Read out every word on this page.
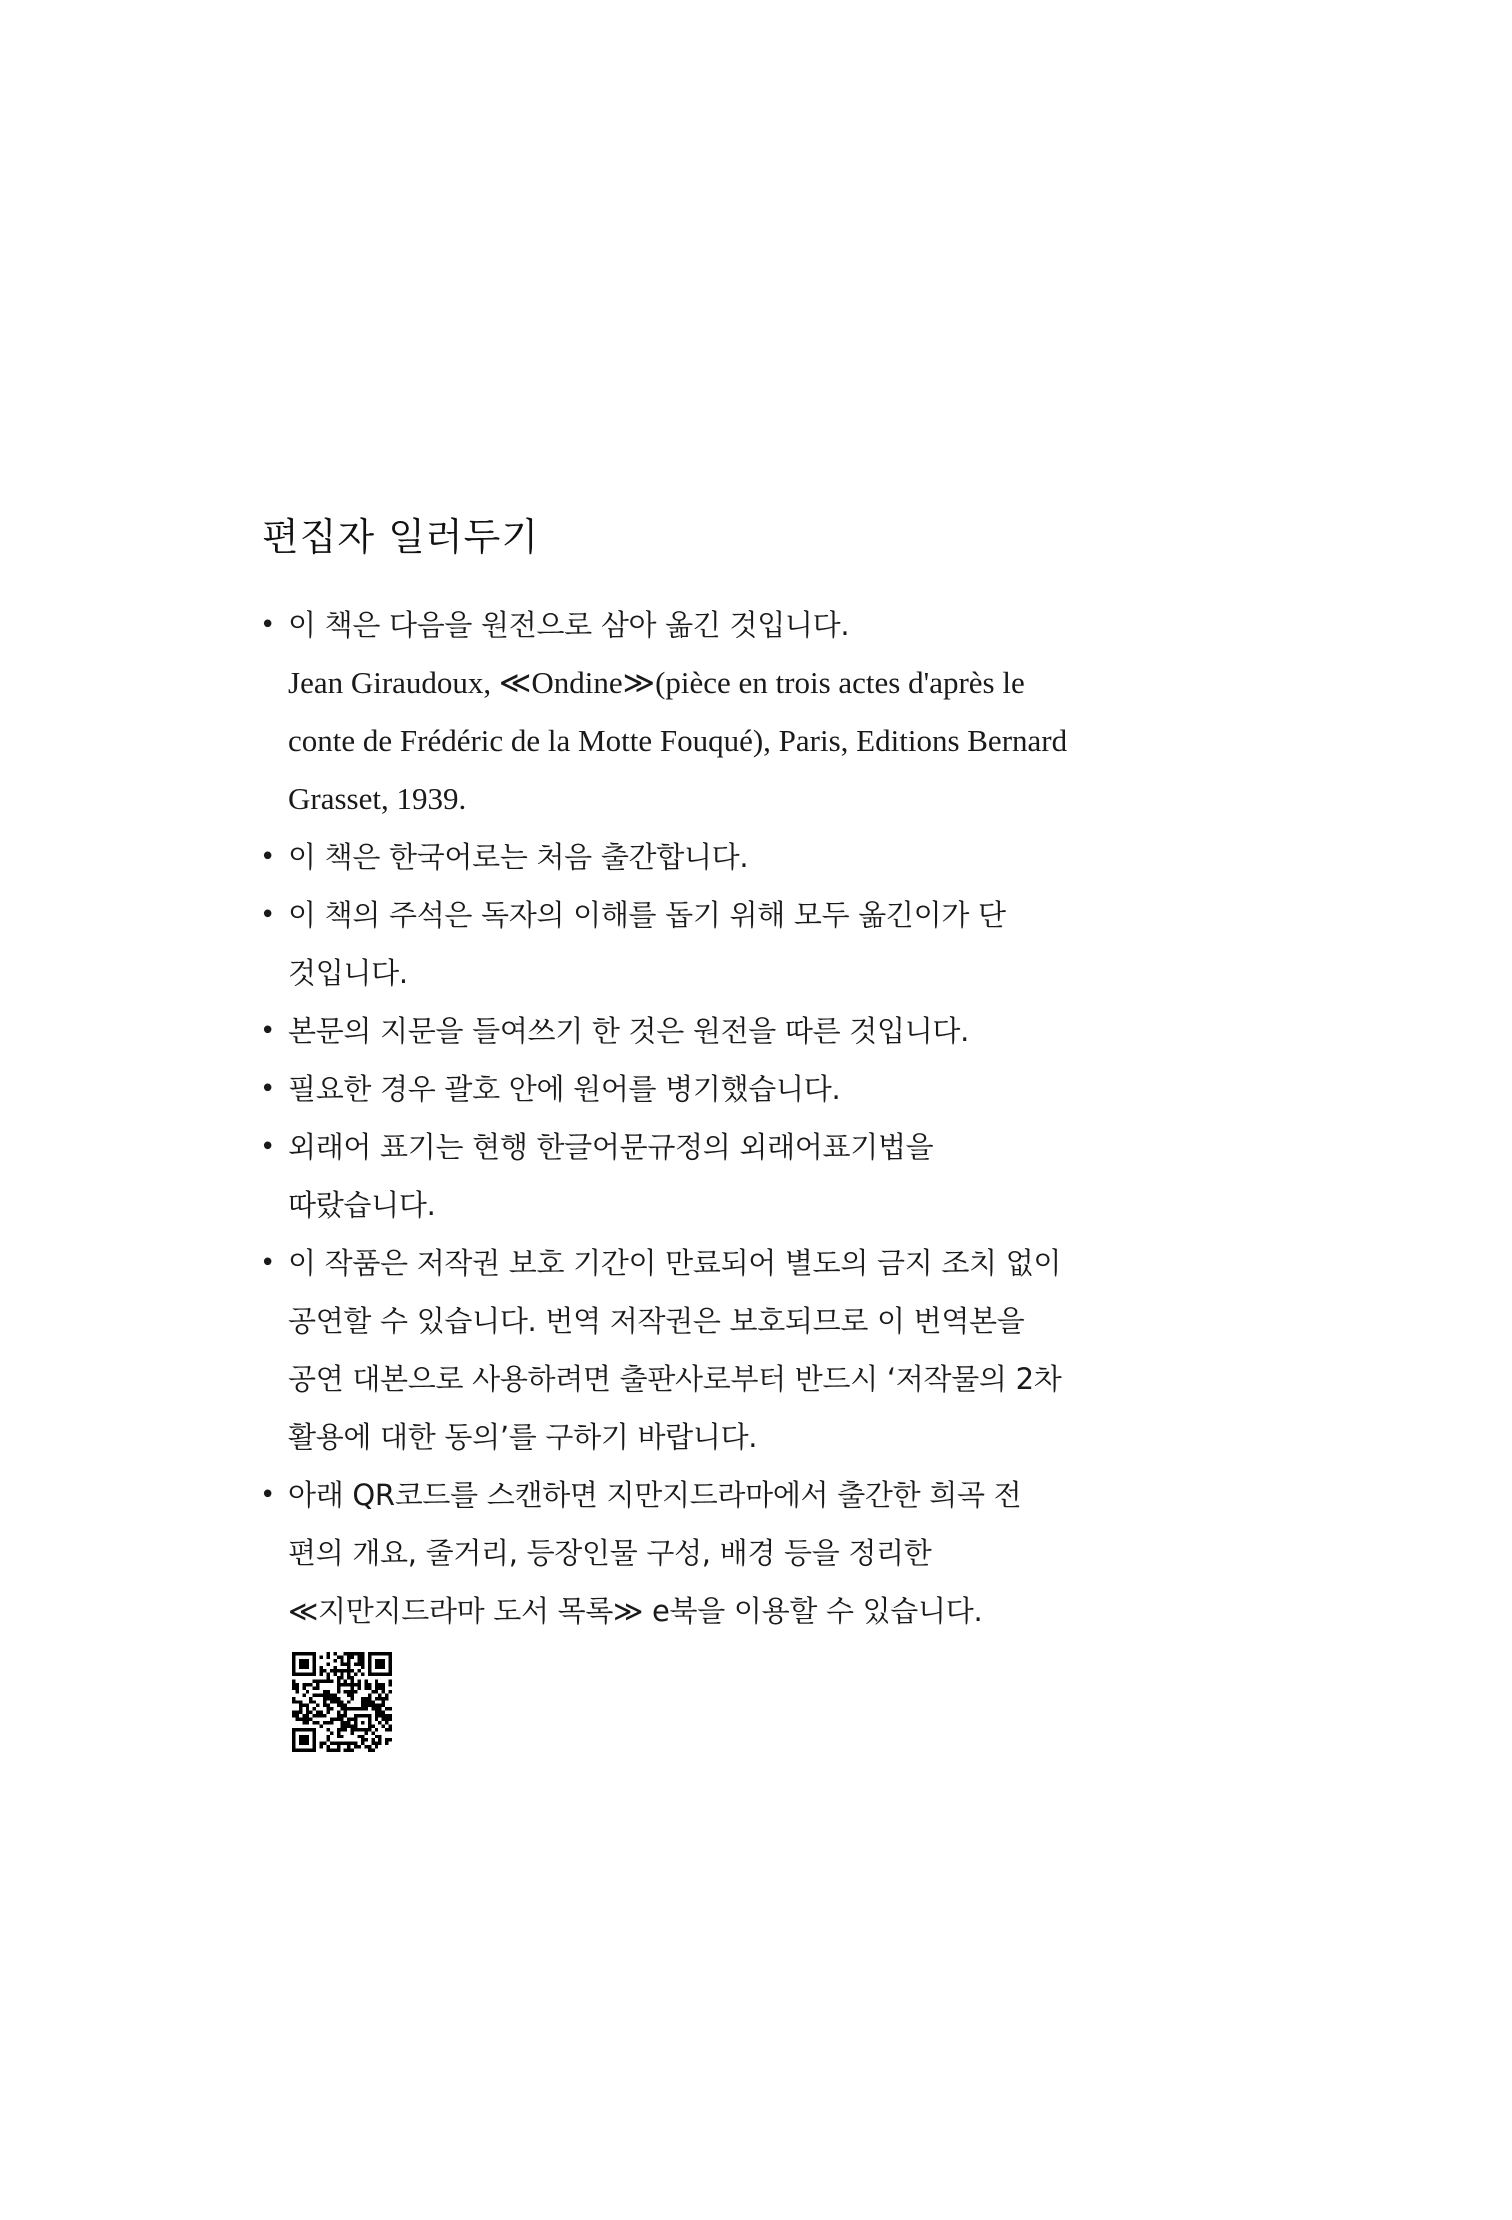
편집자 일러두기
• 이 책은 다음을 원전으로 삼아 옮긴 것입니다.
Jean Giraudoux, ≪Ondine≫(pièce en trois actes d'après le
conte de Frédéric de la Motte Fouqué), Paris, Editions Bernard
Grasset, 1939.
• 이 책은 한국어로는 처음 출간합니다.
• 이 책의 주석은 독자의 이해를 돕기 위해 모두 옮긴이가 단
것입니다.
• 본문의 지문을 들여쓰기 한 것은 원전을 따른 것입니다.
• 필요한 경우 괄호 안에 원어를 병기했습니다.
• 외래어 표기는 현행 한글어문규정의 외래어표기법을
따랐습니다.
• 이 작품은 저작권 보호 기간이 만료되어 별도의 금지 조치 없이
공연할 수 있습니다. 번역 저작권은 보호되므로 이 번역본을
공연 대본으로 사용하려면 출판사로부터 반드시 ‘저작물의 2차
활용에 대한 동의’를 구하기 바랍니다.
• 아래 QR코드를 스캔하면 지만지드라마에서 출간한 희곡 전
편의 개요, 줄거리, 등장인물 구성, 배경 등을 정리한
≪지만지드라마 도서 목록≫ e북을 이용할 수 있습니다.
